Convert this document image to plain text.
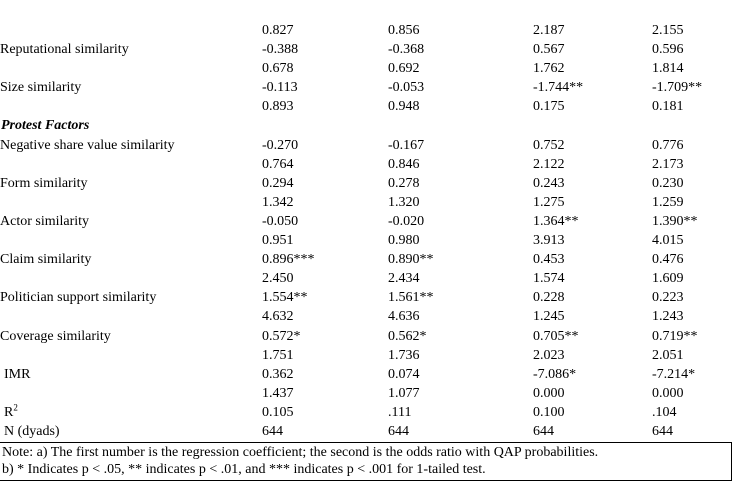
	0.827	0.856	2.187	2.155
Reputational similarity	-0.388	-0.368	0.567	0.596
	0.678	0.692	1.762	1.814
Size similarity	-0.113	-0.053	-1.744**	-1.709**
	0.893	0.948	0.175	0.181
Protest Factors				
Negative share value similarity	-0.270	-0.167	0.752	0.776
	0.764	0.846	2.122	2.173
Form similarity	0.294	0.278	0.243	0.230
	1.342	1.320	1.275	1.259
Actor similarity	-0.050	-0.020	1.364**	1.390**
	0.951	0.980	3.913	4.015
Claim similarity	0.896***	0.890**	0.453	0.476
	2.450	2.434	1.574	1.609
Politician support similarity	1.554**	1.561**	0.228	0.223
	4.632	4.636	1.245	1.243
Coverage similarity	0.572*	0.562*	0.705**	0.719**
	1.751	1.736	2.023	2.051
IMR	0.362	0.074	-7.086*	-7.214*
	1.437	1.077	0.000	0.000
$R^2$	0.105	.111	0.100	.104
N (dyads)	644	644	644	644
Note: a) The first number is the regression coefficient; the second is the odds ratio with QAP probabilities.
b) * Indicates p < .05, ** indicates p < .01, and *** indicates p < .001 for 1-tailed test.
